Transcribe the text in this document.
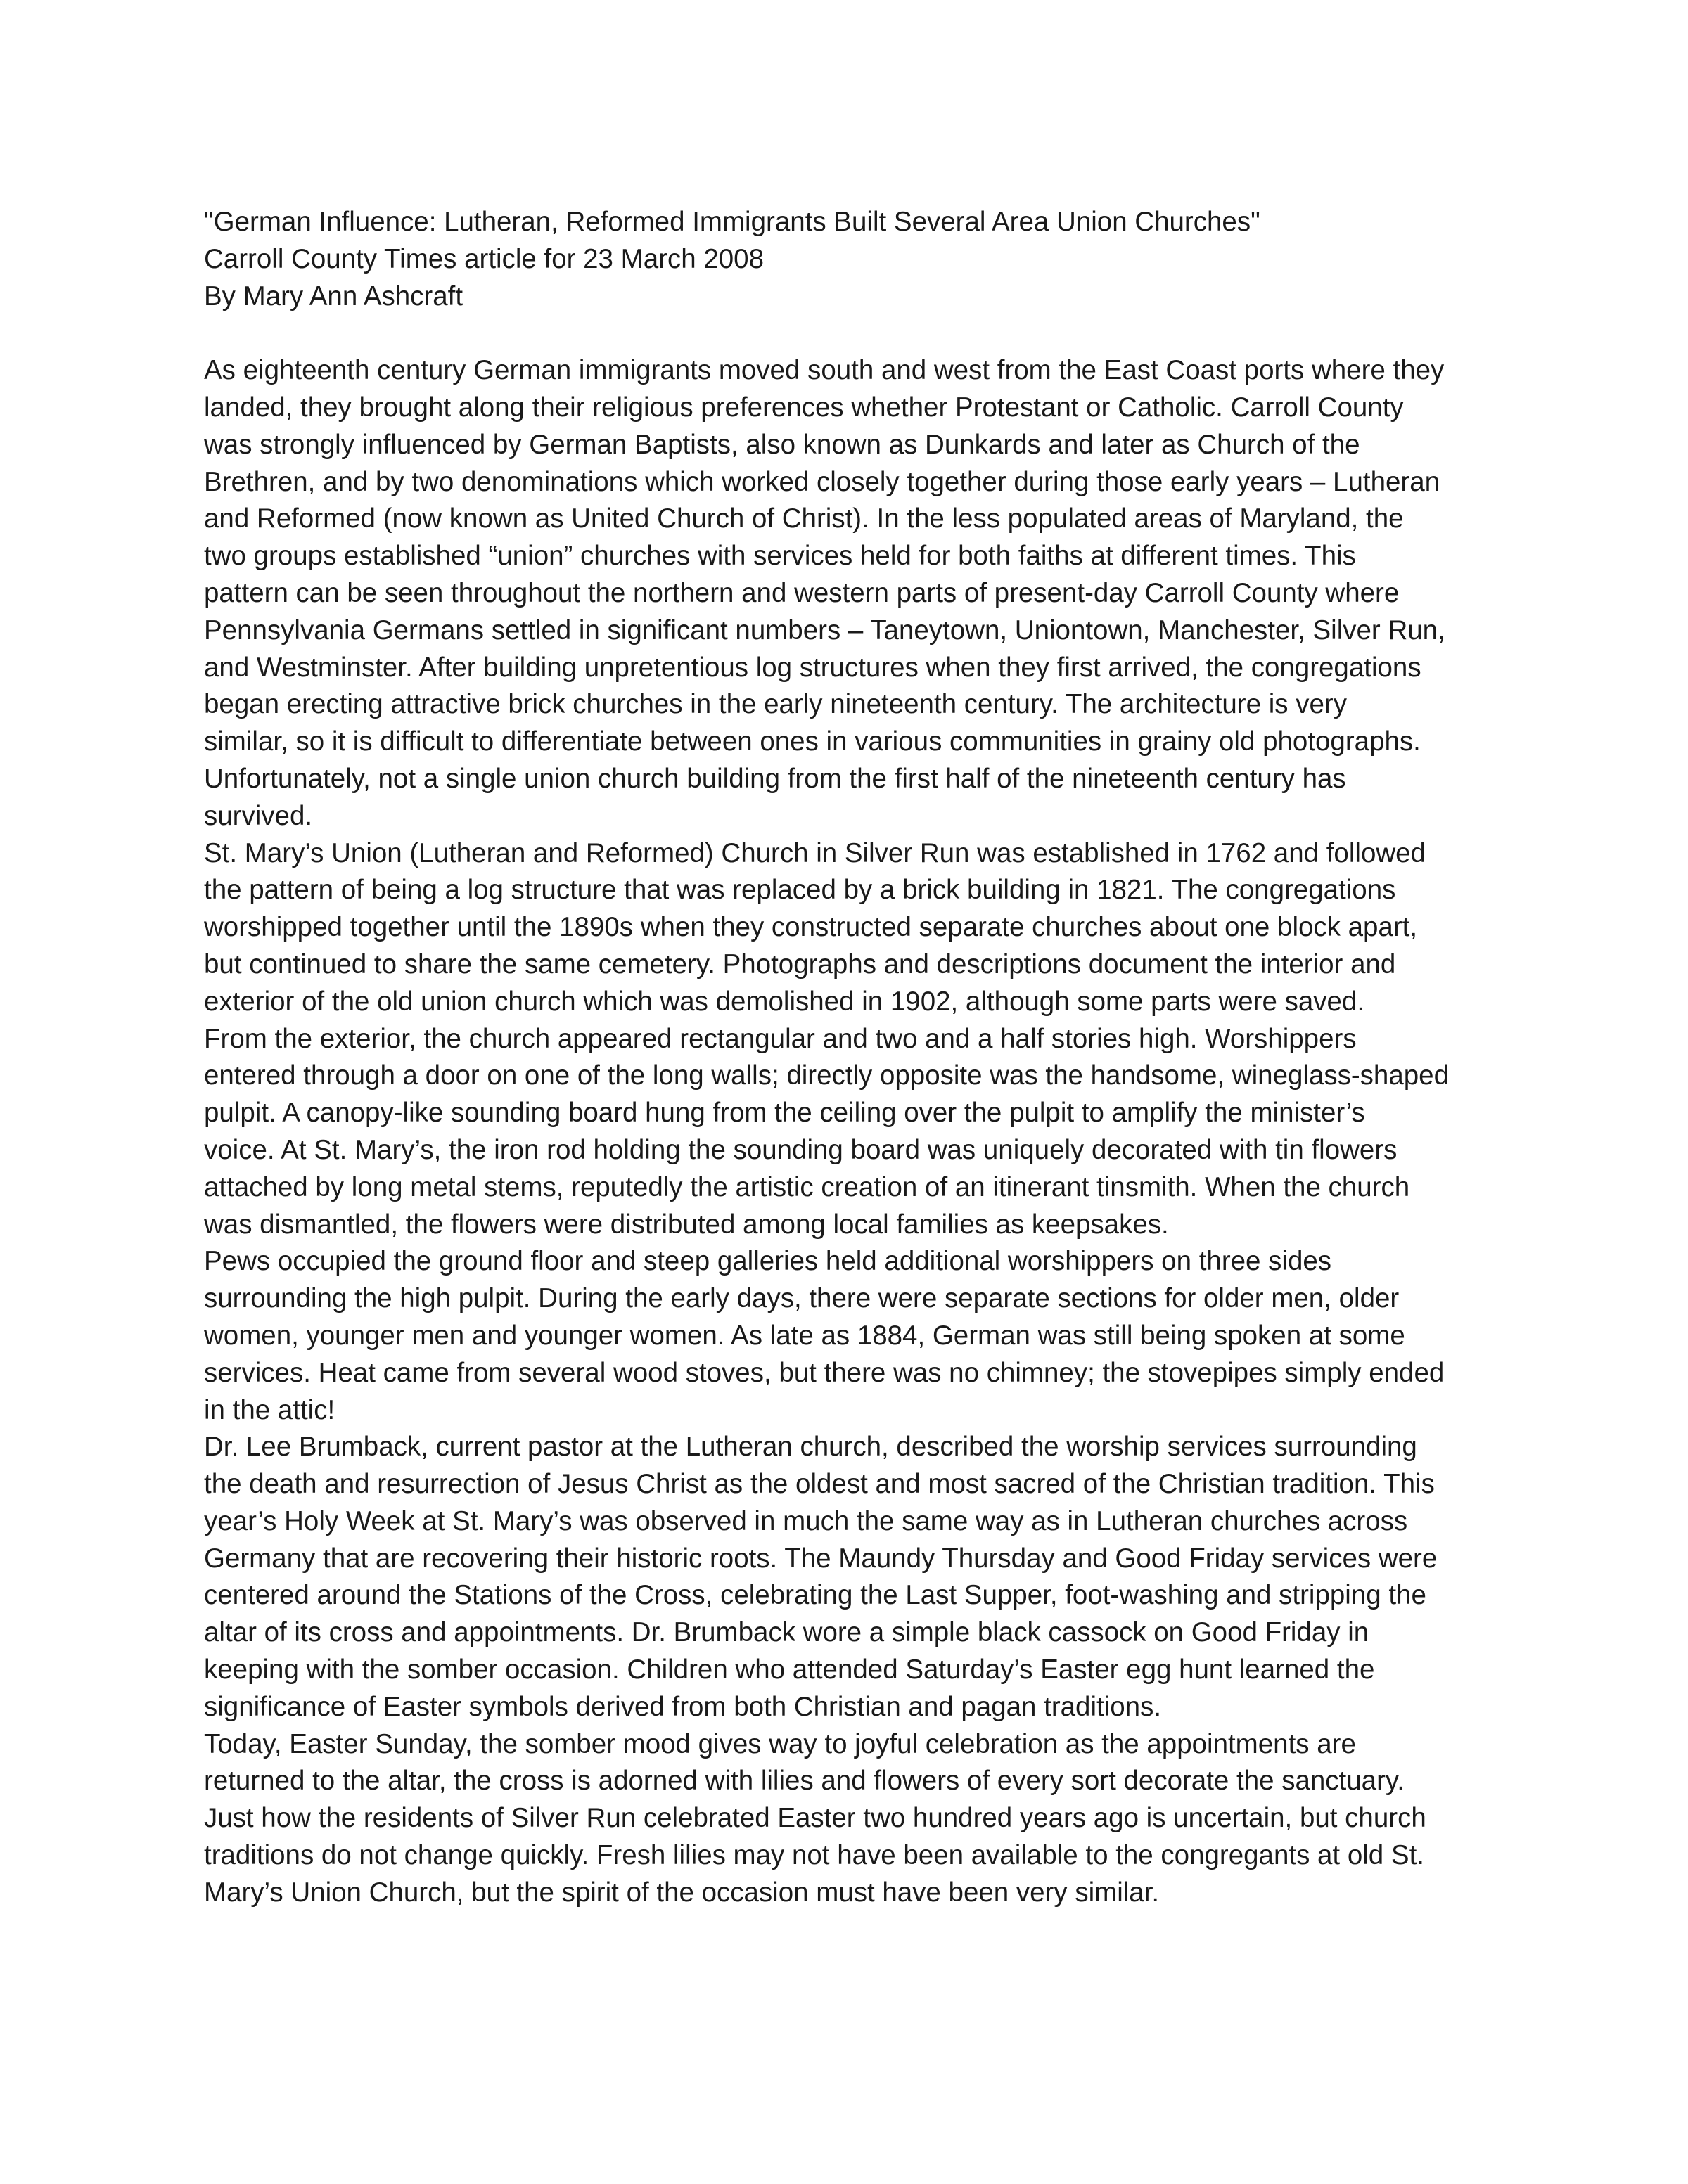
"German Influence: Lutheran, Reformed Immigrants Built Several Area Union Churches"
Carroll County Times article for 23 March 2008
By Mary Ann Ashcraft
As eighteenth century German immigrants moved south and west from the East Coast ports where they
landed, they brought along their religious preferences whether Protestant or Catholic. Carroll County
was strongly influenced by German Baptists, also known as Dunkards and later as Church of the
Brethren, and by two denominations which worked closely together during those early years – Lutheran
and Reformed (now known as United Church of Christ). In the less populated areas of Maryland, the
two groups established “union” churches with services held for both faiths at different times. This
pattern can be seen throughout the northern and western parts of present-day Carroll County where
Pennsylvania Germans settled in significant numbers – Taneytown, Uniontown, Manchester, Silver Run,
and Westminster. After building unpretentious log structures when they first arrived, the congregations
began erecting attractive brick churches in the early nineteenth century. The architecture is very
similar, so it is difficult to differentiate between ones in various communities in grainy old photographs.
Unfortunately, not a single union church building from the first half of the nineteenth century has
survived.
St. Mary’s Union (Lutheran and Reformed) Church in Silver Run was established in 1762 and followed
the pattern of being a log structure that was replaced by a brick building in 1821. The congregations
worshipped together until the 1890s when they constructed separate churches about one block apart,
but continued to share the same cemetery. Photographs and descriptions document the interior and
exterior of the old union church which was demolished in 1902, although some parts were saved.
From the exterior, the church appeared rectangular and two and a half stories high. Worshippers
entered through a door on one of the long walls; directly opposite was the handsome, wineglass-shaped
pulpit. A canopy-like sounding board hung from the ceiling over the pulpit to amplify the minister’s
voice. At St. Mary’s, the iron rod holding the sounding board was uniquely decorated with tin flowers
attached by long metal stems, reputedly the artistic creation of an itinerant tinsmith. When the church
was dismantled, the flowers were distributed among local families as keepsakes.
Pews occupied the ground floor and steep galleries held additional worshippers on three sides
surrounding the high pulpit. During the early days, there were separate sections for older men, older
women, younger men and younger women. As late as 1884, German was still being spoken at some
services. Heat came from several wood stoves, but there was no chimney; the stovepipes simply ended
in the attic!
Dr. Lee Brumback, current pastor at the Lutheran church, described the worship services surrounding
the death and resurrection of Jesus Christ as the oldest and most sacred of the Christian tradition. This
year’s Holy Week at St. Mary’s was observed in much the same way as in Lutheran churches across
Germany that are recovering their historic roots. The Maundy Thursday and Good Friday services were
centered around the Stations of the Cross, celebrating the Last Supper, foot-washing and stripping the
altar of its cross and appointments. Dr. Brumback wore a simple black cassock on Good Friday in
keeping with the somber occasion. Children who attended Saturday’s Easter egg hunt learned the
significance of Easter symbols derived from both Christian and pagan traditions.
Today, Easter Sunday, the somber mood gives way to joyful celebration as the appointments are
returned to the altar, the cross is adorned with lilies and flowers of every sort decorate the sanctuary.
Just how the residents of Silver Run celebrated Easter two hundred years ago is uncertain, but church
traditions do not change quickly. Fresh lilies may not have been available to the congregants at old St.
Mary’s Union Church, but the spirit of the occasion must have been very similar.
